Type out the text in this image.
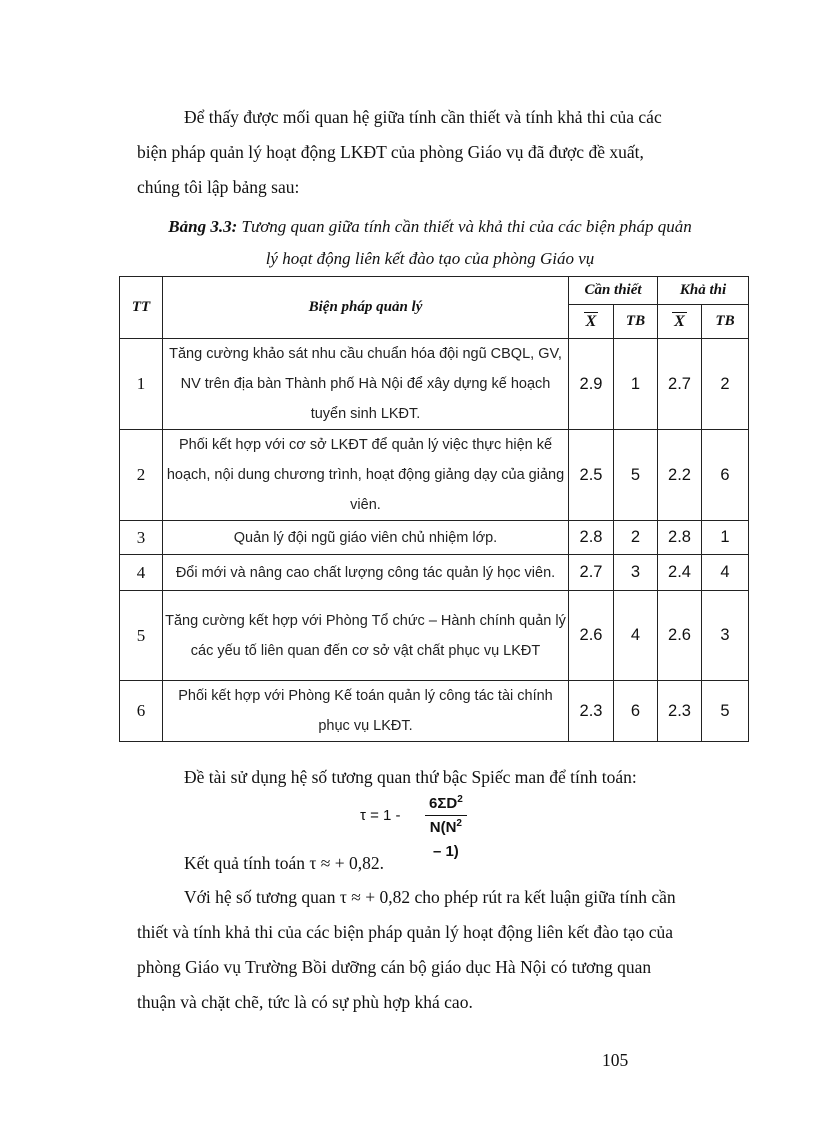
Để thấy được mối quan hệ giữa tính cần thiết và tính khả thi của các
biện pháp quản lý hoạt động LKĐT của phòng Giáo vụ đã được đề xuất,
chúng tôi lập bảng sau:
Bảng 3.3: Tương quan giữa tính cần thiết và khả thi của các biện pháp quản
lý hoạt động liên kết đào tạo của phòng Giáo vụ
TT	Biện pháp quản lý	Cần thiết		Khả thi	
		X	TB	X	TB
1	Tăng cường khảo sát nhu cầu chuẩn hóa đội ngũ CBQL, GV, NV trên địa bàn Thành phố Hà Nội để xây dựng kế hoạch tuyển sinh LKĐT.	2.9	1	2.7	2
2	Phối kết hợp với cơ sở LKĐT để quản lý việc thực hiện kế hoạch, nội dung chương trình, hoạt động giảng dạy của giảng viên.	2.5	5	2.2	6
3	Quản lý đội ngũ giáo viên chủ nhiệm lớp.	2.8	2	2.8	1
4	Đổi mới và nâng cao chất lượng công tác quản lý học viên.	2.7	3	2.4	4
5	Tăng cường kết hợp với Phòng Tổ chức – Hành chính quản lý các yếu tố liên quan đến cơ sở vật chất phục vụ LKĐT	2.6	4	2.6	3
6	Phối kết hợp với Phòng Kế toán quản lý công tác tài chính phục vụ LKĐT.	2.3	6	2.3	5
Đề tài sử dụng hệ số tương quan thứ bậc Spiếc man để tính toán:
$\tau = 1 - \frac{6\Sigma D^2}{N(N^2 - 1)}$
Kết quả tính toán τ ≈ + 0,82.
Với hệ số tương quan τ ≈ + 0,82 cho phép rút ra kết luận giữa tính cần
thiết và tính khả thi của các biện pháp quản lý hoạt động liên kết đào tạo của
phòng Giáo vụ Trường Bồi dưỡng cán bộ giáo dục Hà Nội có tương quan
thuận và chặt chẽ, tức là có sự phù hợp khá cao.
105
